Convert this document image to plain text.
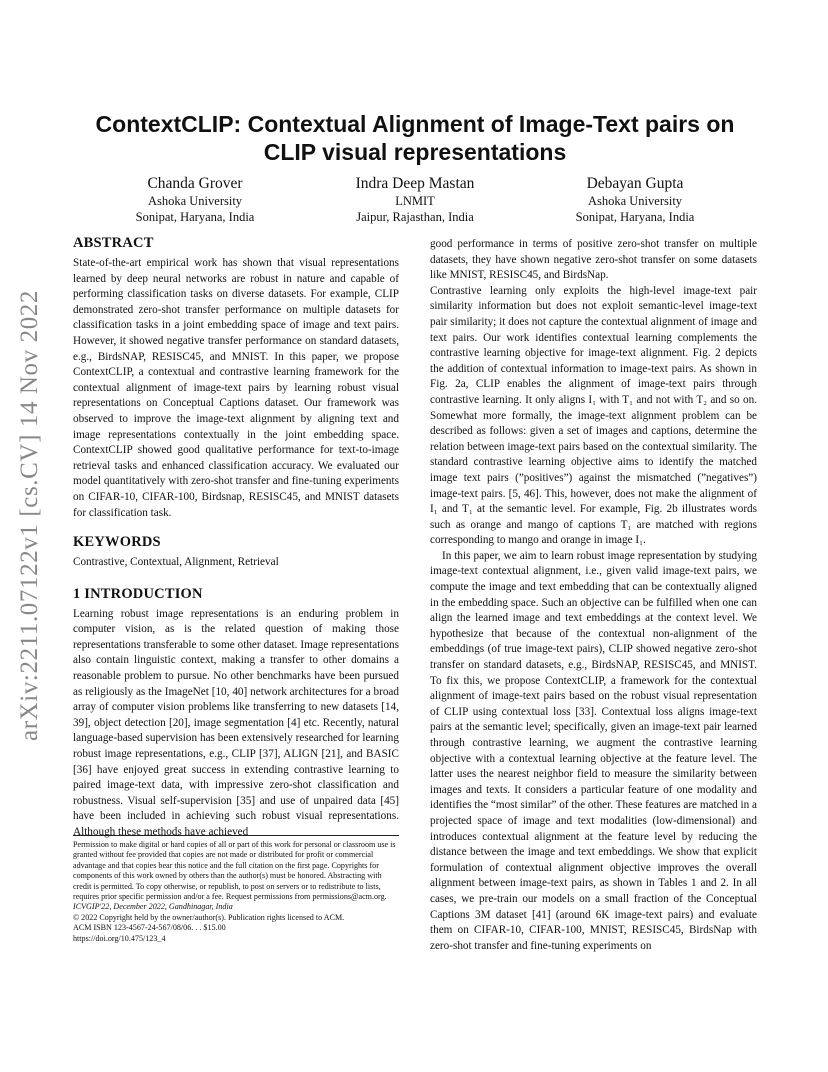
arXiv:2211.07122v1 [cs.CV] 14 Nov 2022
ContextCLIP: Contextual Alignment of Image-Text pairs on CLIP visual representations
Chanda Grover
Ashoka University
Sonipat, Haryana, India
Indra Deep Mastan
LNMIT
Jaipur, Rajasthan, India
Debayan Gupta
Ashoka University
Sonipat, Haryana, India
ABSTRACT

State-of-the-art empirical work has shown that visual representations learned by deep neural networks are robust in nature and capable of performing classification tasks on diverse datasets. For example, CLIP demonstrated zero-shot transfer performance on multiple datasets for classification tasks in a joint embedding space of image and text pairs. However, it showed negative transfer performance on standard datasets, e.g., BirdsNAP, RESISC45, and MNIST. In this paper, we propose ContextCLIP, a contextual and contrastive learning framework for the contextual alignment of image-text pairs by learning robust visual representations on Conceptual Captions dataset. Our framework was observed to improve the image-text alignment by aligning text and image representations contextually in the joint embedding space. ContextCLIP showed good qualitative performance for text-to-image retrieval tasks and enhanced classification accuracy. We evaluated our model quantitatively with zero-shot transfer and fine-tuning experiments on CIFAR-10, CIFAR-100, Birdsnap, RESISC45, and MNIST datasets for classification task.

KEYWORDS

Contrastive, Contextual, Alignment, Retrieval

1 INTRODUCTION

Learning robust image representations is an enduring problem in computer vision, as is the related question of making those representations transferable to some other dataset. Image representations also contain linguistic context, making a transfer to other domains a reasonable problem to pursue. No other benchmarks have been pursued as religiously as the ImageNet [10, 40] network architectures for a broad array of computer vision problems like transferring to new datasets [14, 39], object detection [20], image segmentation [4] etc. Recently, natural language-based supervision has been extensively researched for learning robust image representations, e.g., CLIP [37], ALIGN [21], and BASIC [36] have enjoyed great success in extending contrastive learning to paired image-text data, with impressive zero-shot classification and robustness. Visual self-supervision [35] and use of unpaired data [45] have been included in achieving such robust visual representations. Although these methods have achieved

Permission to make digital or hard copies of all or part of this work for personal or classroom use is granted without fee provided that copies are not made or distributed for profit or commercial advantage and that copies bear this notice and the full citation on the first page. Copyrights for components of this work owned by others than the author(s) must be honored. Abstracting with credit is permitted. To copy otherwise, or republish, to post on servers or to redistribute to lists, requires prior specific permission and/or a fee. Request permissions from permissions@acm.org.

ICVGIP'22, December 2022, Gandhinagar, India

© 2022 Copyright held by the owner/author(s). Publication rights licensed to ACM.

ACM ISBN 123-4567-24-567/08/06. . . $15.00

https://doi.org/10.475/123_4

good performance in terms of positive zero-shot transfer on multiple datasets, they have shown negative zero-shot transfer on some datasets like MNIST, RESISC45, and BirdsNap.

Contrastive learning only exploits the high-level image-text pair similarity information but does not exploit semantic-level image-text pair similarity; it does not capture the contextual alignment of image and text pairs. Our work identifies contextual learning complements the contrastive learning objective for image-text alignment. Fig. 2 depicts the addition of contextual information to image-text pairs. As shown in Fig. 2a, CLIP enables the alignment of image-text pairs through contrastive learning. It only aligns I₁ with T₁ and not with T₂ and so on. Somewhat more formally, the image-text alignment problem can be described as follows: given a set of images and captions, determine the relation between image-text pairs based on the contextual similarity. The standard contrastive learning objective aims to identify the matched image text pairs (”positives”) against the mismatched (”negatives”) image-text pairs. [5, 46]. This, however, does not make the alignment of I₁ and T₁ at the semantic level. For example, Fig. 2b illustrates words such as orange and mango of captions T₁ are matched with regions corresponding to mango and orange in image I₁.

In this paper, we aim to learn robust image representation by studying image-text contextual alignment, i.e., given valid image-text pairs, we compute the image and text embedding that can be contextually aligned in the embedding space. Such an objective can be fulfilled when one can align the learned image and text embeddings at the context level. We hypothesize that because of the contextual non-alignment of the embeddings (of true image-text pairs), CLIP showed negative zero-shot transfer on standard datasets, e.g., BirdsNAP, RESISC45, and MNIST. To fix this, we propose ContextCLIP, a framework for the contextual alignment of image-text pairs based on the robust visual representation of CLIP using contextual loss [33]. Contextual loss aligns image-text pairs at the semantic level; specifically, given an image-text pair learned through contrastive learning, we augment the contrastive learning objective with a contextual learning objective at the feature level. The latter uses the nearest neighbor field to measure the similarity between images and texts. It considers a particular feature of one modality and identifies the “most similar” of the other. These features are matched in a projected space of image and text modalities (low-dimensional) and introduces contextual alignment at the feature level by reducing the distance between the image and text embeddings. We show that explicit formulation of contextual alignment objective improves the overall alignment between image-text pairs, as shown in Tables 1 and 2. In all cases, we pre-train our models on a small fraction of the Conceptual Captions 3M dataset [41] (around 6K image-text pairs) and evaluate them on CIFAR-10, CIFAR-100, MNIST, RESISC45, BirdsNap with zero-shot transfer and fine-tuning experiments on
